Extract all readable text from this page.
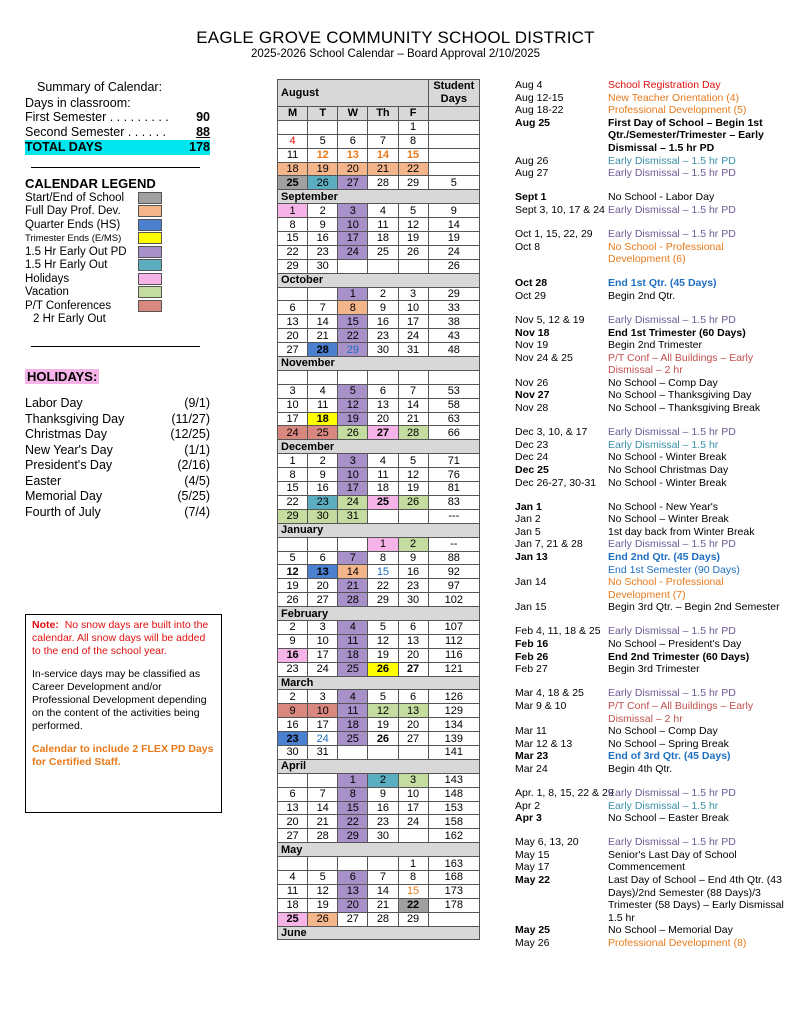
EAGLE GROVE COMMUNITY SCHOOL DISTRICT
2025-2026 School Calendar – Board Approval 2/10/2025
Summary of Calendar:
Days in classroom:
First Semester . . . . . . . . . 90
Second Semester . . . . . . 88
TOTAL DAYS	178
CALENDAR LEGEND
Start/End of School
Full Day Prof. Dev.
Quarter Ends (HS)
Trimester Ends (E/MS)
1.5 Hr Early Out PD
1.5 Hr Early Out
Holidays
Vacation
P/T Conferences
2 Hr Early Out
HOLIDAYS:
Labor Day	(9/1)
Thanksgiving Day	(11/27)
Christmas Day	(12/25)
New Year's Day	(1/1)
President's Day	(2/16)
Easter	(4/5)
Memorial Day	(5/25)
Fourth of July	(7/4)

Note: No snow days are built into the calendar. All snow days will be added to the end of the school year.

In-service days may be classified as Career Development and/or Professional Development depending on the content of the activities being performed.

Calendar to include 2 FLEX PD Days for Certified Staff.

August					Student Days
M	T	W	Th	F	
				1	
4	5	6	7	8	
11	12	13	14	15	
18	19	20	21	22	
25	26	27	28	29	5
September					
1	2	3	4	5	9
8	9	10	11	12	14
15	16	17	18	19	19
22	23	24	25	26	24
29	30				26
October					
		1	2	3	29
6	7	8	9	10	33
13	14	15	16	17	38
20	21	22	23	24	43
27	28	29	30	31	48
November					

3	4	5	6	7	53
10	11	12	13	14	58
17	18	19	20	21	63
24	25	26	27	28	66
December					
1	2	3	4	5	71
8	9	10	11	12	76
15	16	17	18	19	81
22	23	24	25	26	83
29	30	31			---
January					
			1	2	--
5	6	7	8	9	88
12	13	14	15	16	92
19	20	21	22	23	97
26	27	28	29	30	102
February					
2	3	4	5	6	107
9	10	11	12	13	112
16	17	18	19	20	116
23	24	25	26	27	121
March					
2	3	4	5	6	126
9	10	11	12	13	129
16	17	18	19	20	134
23	24	25	26	27	139
30	31				141
April					
		1	2	3	143
6	7	8	9	10	148
13	14	15	16	17	153
20	21	22	23	24	158
27	28	29	30		162
May					
				1	163
4	5	6	7	8	168
11	12	13	14	15	173
18	19	20	21	22	178
25	26	27	28	29	
June					
Aug 4	School Registration Day
Aug 12-15	New Teacher Orientation (4)
Aug 18-22	Professional Development (5)
Aug 25	First Day of School – Begin 1st Qtr./Semester/Trimester – Early Dismissal – 1.5 hr PD
Aug 26	Early Dismissal – 1.5 hr PD
Aug 27	Early Dismissal – 1.5 hr PD
Sept 1	No School - Labor Day
Sept 3, 10, 17 & 24 Early Dismissal – 1.5 hr PD
Oct 1, 15, 22, 29	Early Dismissal – 1.5 hr PD
Oct 8	No School - Professional Development (6)
Oct 28	End 1st Qtr. (45 Days)
Oct 29	Begin 2nd Qtr.
Nov 5, 12 & 19	Early Dismissal – 1.5 hr PD
Nov 18	End 1st Trimester (60 Days)
Nov 19	Begin 2nd Trimester
Nov 24 & 25	P/T Conf – All Buildings – Early Dismissal – 2 hr
Nov 26	No School – Comp Day
Nov 27	No School – Thanksgiving Day
Nov 28	No School – Thanksgiving Break
Dec 3, 10, & 17	Early Dismissal – 1.5 hr PD
Dec 23	Early Dismissal – 1.5 hr
Dec 24	No School - Winter Break
Dec 25	No School Christmas Day
Dec 26-27, 30-31	No School - Winter Break
Jan 1	No School - New Year's
Jan 2	No School – Winter Break
Jan 5	1st day back from Winter Break
Jan 7, 21 & 28	Early Dismissal – 1.5 hr PD
Jan 13	End 2nd Qtr. (45 Days)
End 1st Semester (90 Days)
Jan 14	No School - Professional Development (7)
Jan 15	Begin 3rd Qtr. – Begin 2nd Semester
Feb 4, 11, 18 & 25 Early Dismissal – 1.5 hr PD
Feb 16	No School – President's Day
Feb 26	End 2nd Trimester (60 Days)
Feb 27	Begin 3rd Trimester
Mar 4, 18 & 25	Early Dismissal – 1.5 hr PD
Mar 9 & 10	P/T Conf – All Buildings – Early Dismissal – 2 hr
Mar 11	No School – Comp Day
Mar 12 & 13	No School – Spring Break
Mar 23	End of 3rd Qtr. (45 Days)
Mar 24	Begin 4th Qtr.
Apr. 1, 8, 15, 22 & 29
Early Dismissal – 1.5 hr PD
Apr 2	Early Dismissal – 1.5 hr
Apr 3	No School – Easter Break
May 6, 13, 20	Early Dismissal – 1.5 hr PD
May 15	Senior's Last Day of School
May 17	Commencement
May 22	Last Day of School – End 4th Qtr. (43 Days)/2nd Semester (88 Days)/3 Trimester (58 Days) – Early Dismissal 1.5 hr
May 25	No School – Memorial Day
May 26	Professional Development (8)
